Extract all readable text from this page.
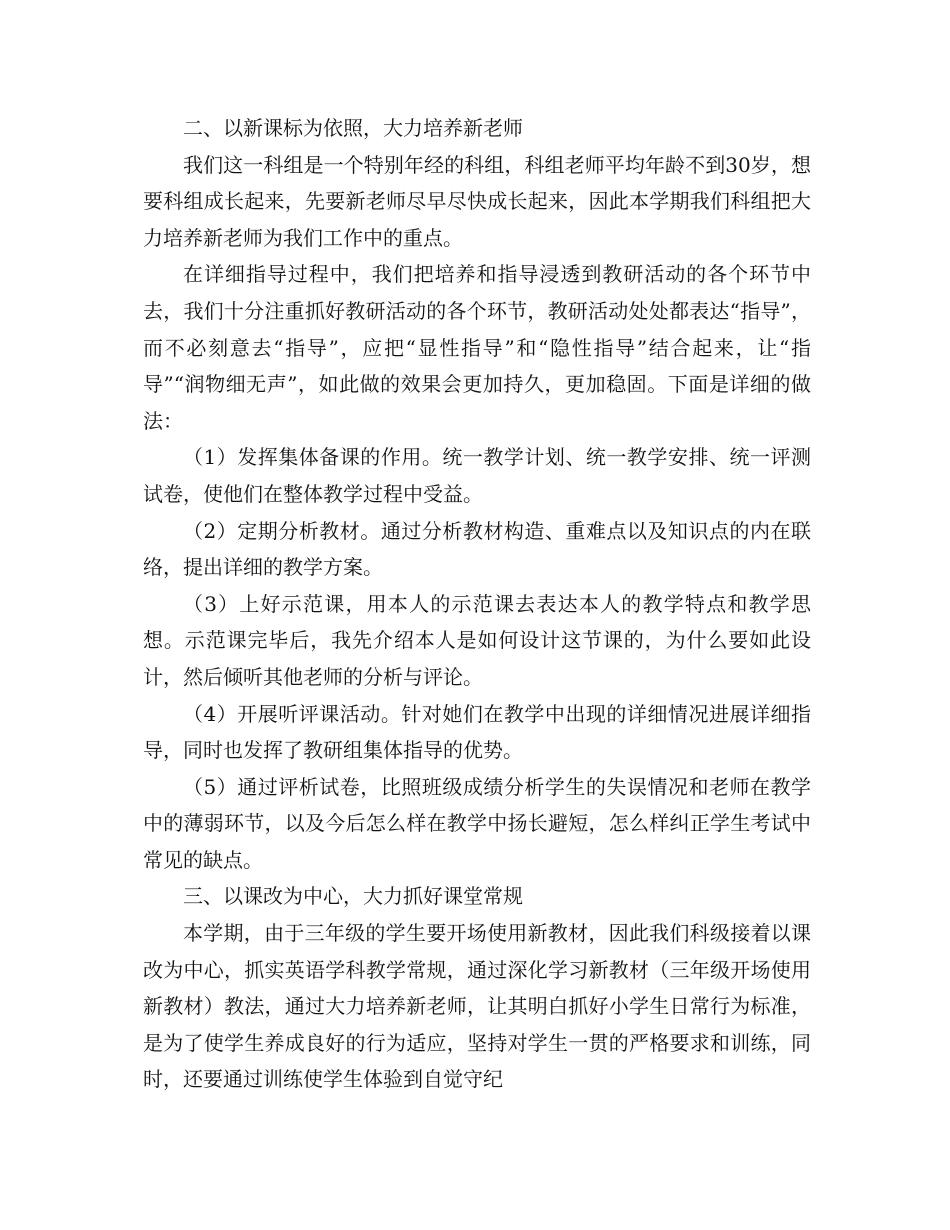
二、以新课标为依照，大力培养新老师

我们这一科组是一个特别年经的科组，科组老师平均年龄不到30岁，想要科组成长起来，先要新老师尽早尽快成长起来，因此本学期我们科组把大力培养新老师为我们工作中的重点。

在详细指导过程中，我们把培养和指导浸透到教研活动的各个环节中去，我们十分注重抓好教研活动的各个环节，教研活动处处都表达“指导”，而不必刻意去“指导”，应把“显性指导”和“隐性指导”结合起来，让“指导”“润物细无声”，如此做的效果会更加持久，更加稳固。下面是详细的做法：

（1）发挥集体备课的作用。统一教学计划、统一教学安排、统一评测试卷，使他们在整体教学过程中受益。

（2）定期分析教材。通过分析教材构造、重难点以及知识点的内在联络，提出详细的教学方案。

（3）上好示范课，用本人的示范课去表达本人的教学特点和教学思想。示范课完毕后，我先介绍本人是如何设计这节课的，为什么要如此设计，然后倾听其他老师的分析与评论。

（4）开展听评课活动。针对她们在教学中出现的详细情况进展详细指导，同时也发挥了教研组集体指导的优势。

（5）通过评析试卷，比照班级成绩分析学生的失误情况和老师在教学中的薄弱环节，以及今后怎么样在教学中扬长避短，怎么样纠正学生考试中常见的缺点。

三、以课改为中心，大力抓好课堂常规

本学期，由于三年级的学生要开场使用新教材，因此我们科级接着以课改为中心，抓实英语学科教学常规，通过深化学习新教材（三年级开场使用新教材）教法，通过大力培养新老师，让其明白抓好小学生日常行为标准，是为了使学生养成良好的行为适应，坚持对学生一贯的严格要求和训练，同时，还要通过训练使学生体验到自觉守纪
